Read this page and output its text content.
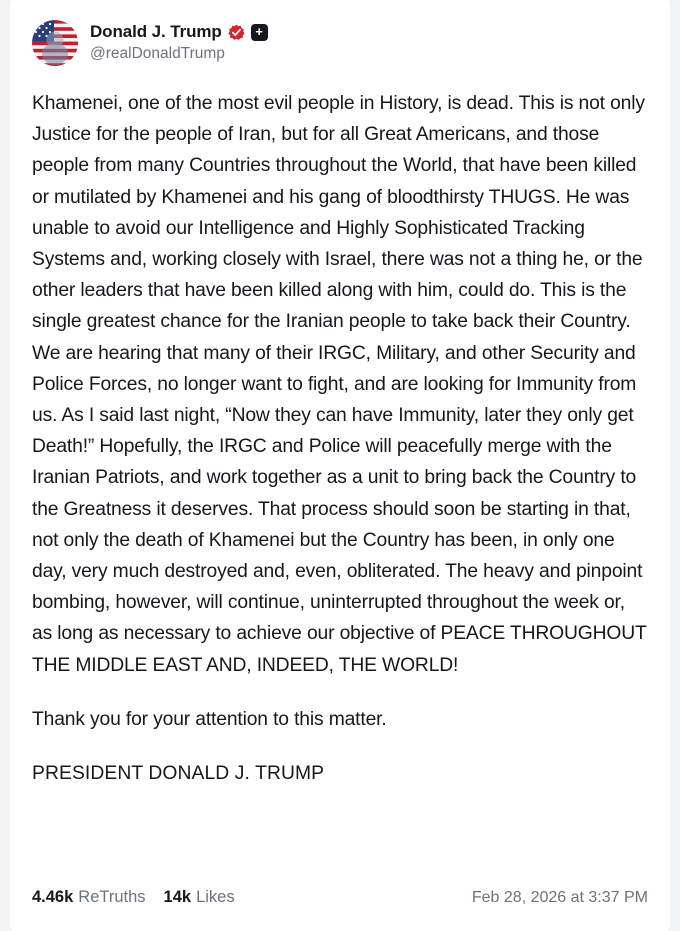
Donald J. Trump	+
@realDonaldTrump

Khamenei, one of the most evil people in History, is dead. This is not only Justice for the people of Iran, but for all Great Americans, and those people from many Countries throughout the World, that have been killed or mutilated by Khamenei and his gang of bloodthirsty THUGS. He was unable to avoid our Intelligence and Highly Sophisticated Tracking Systems and, working closely with Israel, there was not a thing he, or the other leaders that have been killed along with him, could do. This is the single greatest chance for the Iranian people to take back their Country. We are hearing that many of their IRGC, Military, and other Security and Police Forces, no longer want to fight, and are looking for Immunity from us. As I said last night, “Now they can have Immunity, later they only get Death!” Hopefully, the IRGC and Police will peacefully merge with the Iranian Patriots, and work together as a unit to bring back the Country to the Greatness it deserves. That process should soon be starting in that, not only the death of Khamenei but the Country has been, in only one day, very much destroyed and, even, obliterated. The heavy and pinpoint bombing, however, will continue, uninterrupted throughout the week or, as long as necessary to achieve our objective of PEACE THROUGHOUT THE MIDDLE EAST AND, INDEED, THE WORLD!

Thank you for your attention to this matter.

PRESIDENT DONALD J. TRUMP
4.46k ReTruths 14k Likes	Feb 28, 2026 at 3:37 PM
